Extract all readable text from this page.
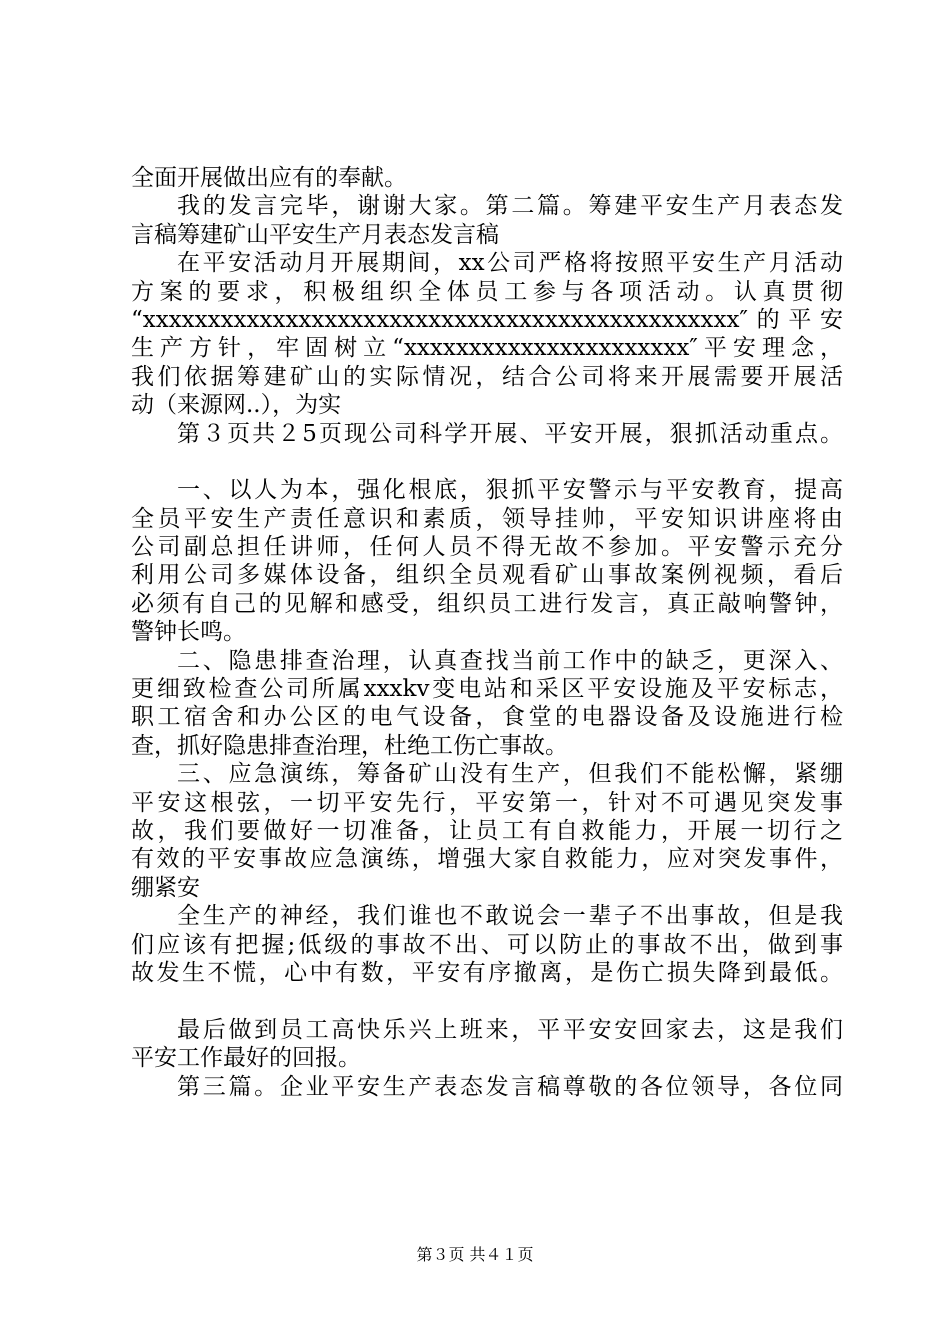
全面开展做出应有的奉献。
我的发言完毕，谢谢大家。第二篇。筹建平安生产月表态发
言稿筹建矿山平安生产月表态发言稿
在平安活动月开展期间，xx公司严格将按照平安生产月活动
方案的要求，积极组织全体员工参与各项活动。认真贯彻
“xxxxxxxxxxxxxxxxxxxxxxxxxxxxxxxxxxxxxxxxxxxxxx″的平安
生产方针，牢固树立“xxxxxxxxxxxxxxxxxxxxxx″平安理念，
我们依据筹建矿山的实际情况，结合公司将来开展需要开展活
动（来源网..），为实
第３页共２5页现公司科学开展、平安开展，狠抓活动重点。
一、以人为本，强化根底，狠抓平安警示与平安教育，提高
全员平安生产责任意识和素质，领导挂帅，平安知识讲座将由
公司副总担任讲师，任何人员不得无故不参加。平安警示充分
利用公司多媒体设备，组织全员观看矿山事故案例视频，看后
必须有自己的见解和感受，组织员工进行发言，真正敲响警钟，
警钟长鸣。
二、隐患排查治理，认真查找当前工作中的缺乏，更深入、
更细致检查公司所属xxxkv变电站和采区平安设施及平安标志，
职工宿舍和办公区的电气设备，食堂的电器设备及设施进行检
查，抓好隐患排查治理，杜绝工伤亡事故。
三、应急演练，筹备矿山没有生产，但我们不能松懈，紧绷
平安这根弦，一切平安先行，平安第一，针对不可遇见突发事
故，我们要做好一切准备，让员工有自救能力，开展一切行之
有效的平安事故应急演练，增强大家自救能力，应对突发事件，
绷紧安
全生产的神经，我们谁也不敢说会一辈子不出事故，但是我
们应该有把握;低级的事故不出、可以防止的事故不出，做到事
故发生不慌，心中有数，平安有序撤离，是伤亡损失降到最低。
最后做到员工高快乐兴上班来，平平安安回家去，这是我们
平安工作最好的回报。
第三篇。企业平安生产表态发言稿尊敬的各位领导，各位同
第３页 共４１页
